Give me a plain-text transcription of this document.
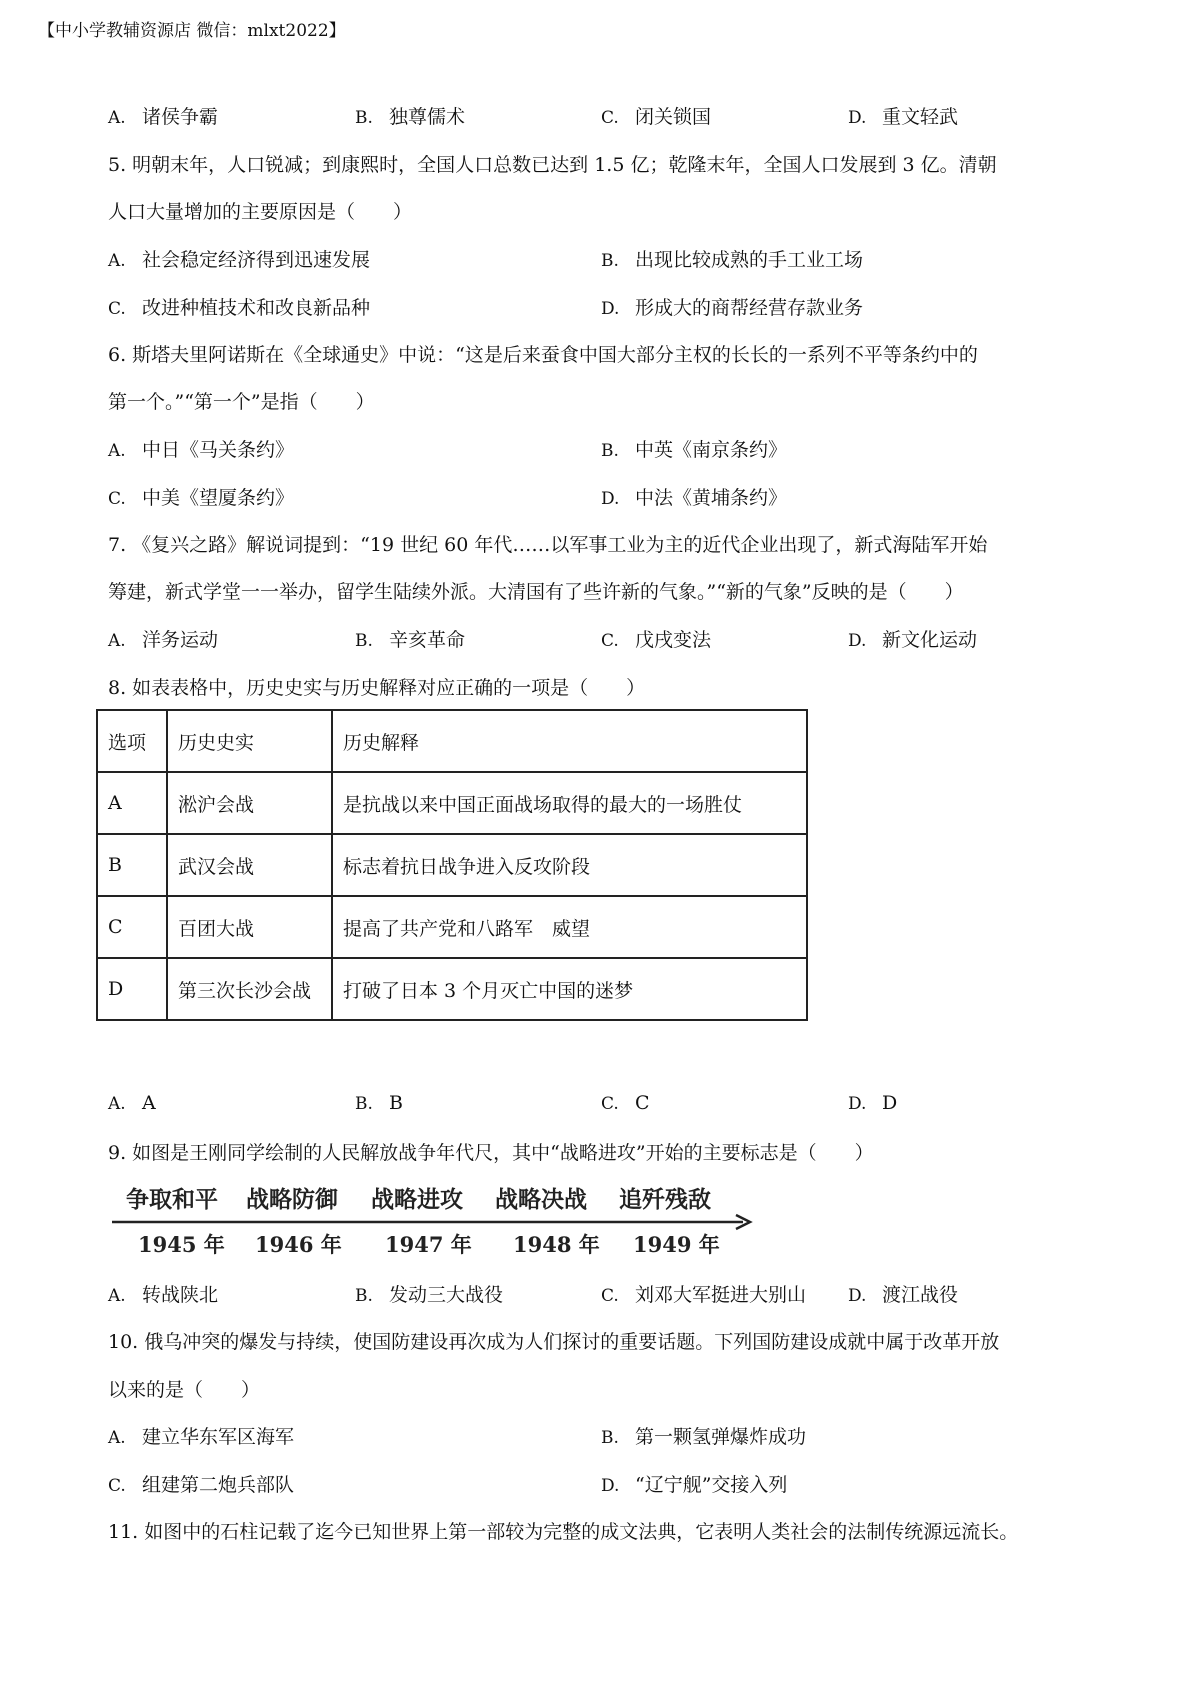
【中小学教辅资源店 微信：mlxt2022】
A. 诸侯争霸	B. 独尊儒术	C. 闭关锁国	D. 重文轻武
5. 明朝末年，人口锐减；到康熙时，全国人口总数已达到 1.5 亿；乾隆末年，全国人口发展到 3 亿。清朝
人口大量增加的主要原因是（　　）
A. 社会稳定经济得到迅速发展	B. 出现比较成熟的手工业工场
C. 改进种植技术和改良新品种	D. 形成大的商帮经营存款业务
6. 斯塔夫里阿诺斯在《全球通史》中说：“这是后来蚕食中国大部分主权的长长的一系列不平等条约中的
第一个。”“第一个”是指（　　）
A. 中日《马关条约》	B. 中英《南京条约》
C. 中美《望厦条约》	D. 中法《黄埔条约》
7. 《复兴之路》解说词提到：“19 世纪 60 年代……以军事工业为主的近代企业出现了，新式海陆军开始
筹建，新式学堂一一举办，留学生陆续外派。大清国有了些许新的气象。”“新的气象”反映的是（　　）
A. 洋务运动	B. 辛亥革命	C. 戊戌变法	D. 新文化运动
8. 如表表格中，历史史实与历史解释对应正确的一项是（　　）
选项	历史史实	历史解释
A	淞沪会战	是抗战以来中国正面战场取得的最大的一场胜仗
B	武汉会战	标志着抗日战争进入反攻阶段
C	百团大战	提高了共产党和八路军　威望
D	第三次长沙会战	打破了日本 3 个月灭亡中国的迷梦
A. A	B. B	C. C	D. D
9. 如图是王刚同学绘制的人民解放战争年代尺，其中“战略进攻”开始的主要标志是（　　）
争取和平 战略防御 战略进攻 战略决战 追歼残敌
1945 年 1946 年 1947 年 1948 年 1949 年
A. 转战陕北	B. 发动三大战役	C. 刘邓大军挺进大别山 D. 渡江战役
10. 俄乌冲突的爆发与持续，使国防建设再次成为人们探讨的重要话题。下列国防建设成就中属于改革开放
以来的是（　　）
A. 建立华东军区海军	B. 第一颗氢弹爆炸成功
C. 组建第二炮兵部队	D. “辽宁舰”交接入列
11. 如图中的石柱记载了迄今已知世界上第一部较为完整的成文法典，它表明人类社会的法制传统源远流长。
